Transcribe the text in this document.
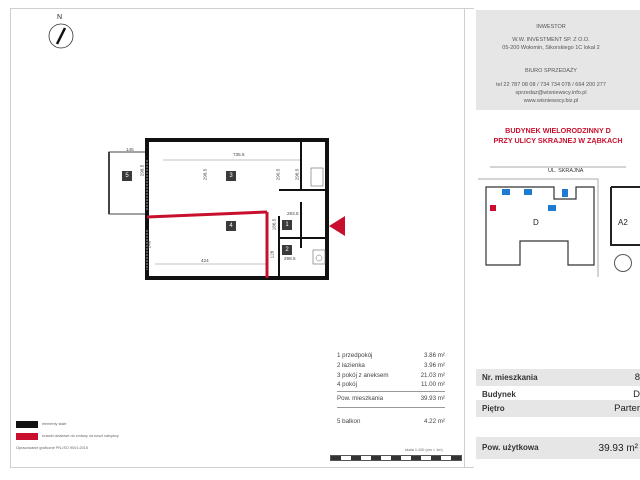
N
5	3
4	1
2
145
735.5
298.5	298.5	290.5
424
240
298.5
186.5
128
283.5
298.5
1 przedpokój	3.86 m²
2 łazienka	3.96 m²
3 pokój z aneksem	21.03 m²
4 pokój	11.00 m²
Pow. mieszkania	39.93 m²
5 balkon	4.22 m²
elementy stałe
ścianki działowe do zmiany na koszt nabywcy
Opracowanie graficzne PN-ISO 9001:2015	skala 1:100 (cm = 1m)
INWESTOR
W.W. INVESTMENT SP. Z O.O.
05-200 Wołomin, Sikorskiego 1C lokal 2
BIURO SPRZEDAŻY
tel 22 787 08 08 / 734 734 078 / 664 200 277
sprzedaz@wisniewscy.info.pl
www.wisniewscy.biz.pl
BUDYNEK WIELORODZINNY D
PRZY ULICY SKRAJNEJ W ZĄBKACH
UL. SKRAJNA
D	A2
Nr. mieszkania	8
Budynek	D
Piętro	Parter
Pow. użytkowa	39.93 m²
